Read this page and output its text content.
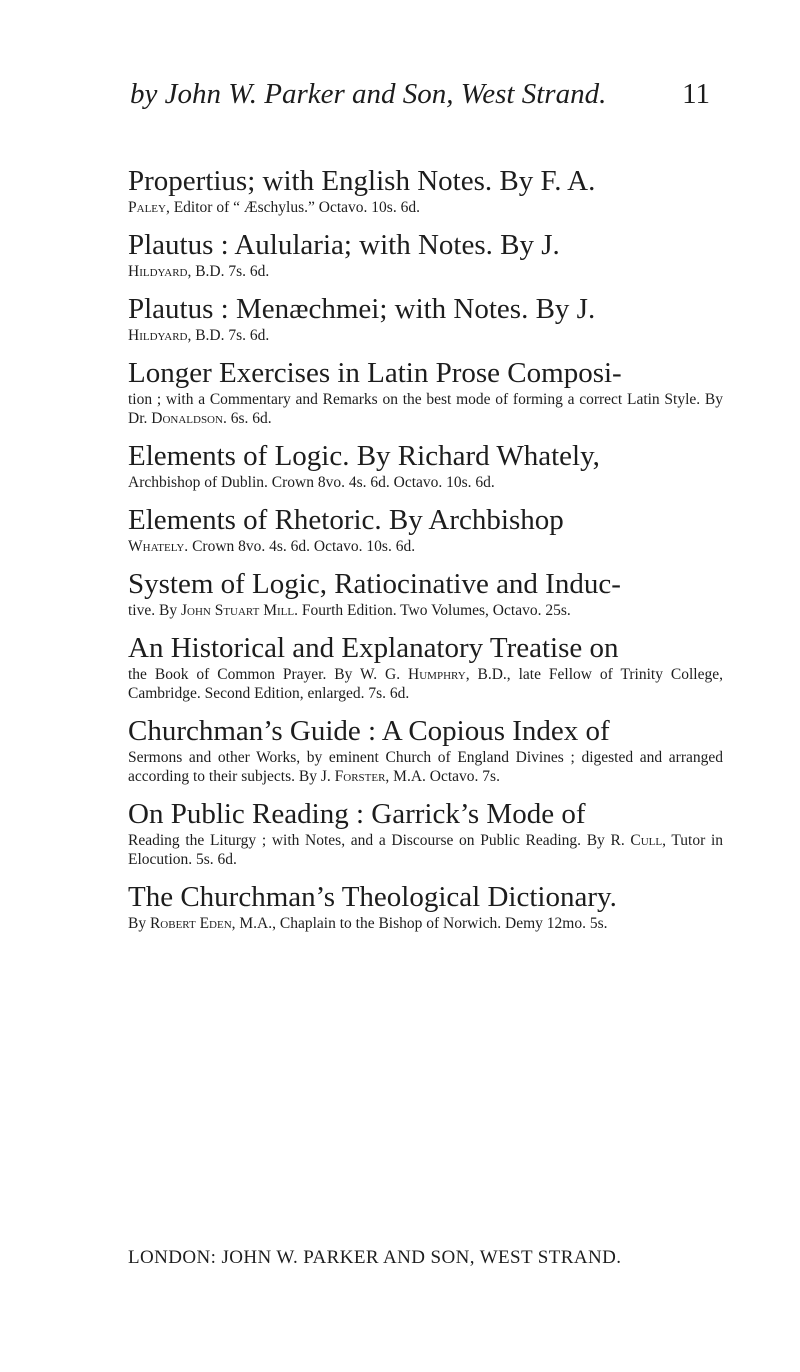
by John W. Parker and Son, West Strand.	11
Propertius; with English Notes. By F. A.
Paley, Editor of “ Æschylus.” Octavo. 10s. 6d.
Plautus : Aulularia; with Notes. By J.
Hildyard, B.D. 7s. 6d.
Plautus : Menæchmei; with Notes. By J.
Hildyard, B.D. 7s. 6d.
Longer Exercises in Latin Prose Composi-
tion ; with a Commentary and Remarks on the best mode of forming a correct Latin Style. By Dr. Donaldson. 6s. 6d.
Elements of Logic. By Richard Whately,
Archbishop of Dublin. Crown 8vo. 4s. 6d. Octavo. 10s. 6d.
Elements of Rhetoric. By Archbishop
Whately. Crown 8vo. 4s. 6d. Octavo. 10s. 6d.
System of Logic, Ratiocinative and Induc-
tive. By John Stuart Mill. Fourth Edition. Two Volumes, Octavo. 25s.
An Historical and Explanatory Treatise on
the Book of Common Prayer. By W. G. Humphry, B.D., late Fellow of Trinity College, Cambridge. Second Edition, enlarged. 7s. 6d.
Churchman’s Guide : A Copious Index of
Sermons and other Works, by eminent Church of England Divines ; digested and arranged according to their subjects. By J. Forster, M.A. Octavo. 7s.
On Public Reading : Garrick’s Mode of
Reading the Liturgy ; with Notes, and a Discourse on Public Reading. By R. Cull, Tutor in Elocution. 5s. 6d.
The Churchman’s Theological Dictionary.
By Robert Eden, M.A., Chaplain to the Bishop of Norwich. Demy 12mo. 5s.
LONDON: JOHN W. PARKER AND SON, WEST STRAND.
